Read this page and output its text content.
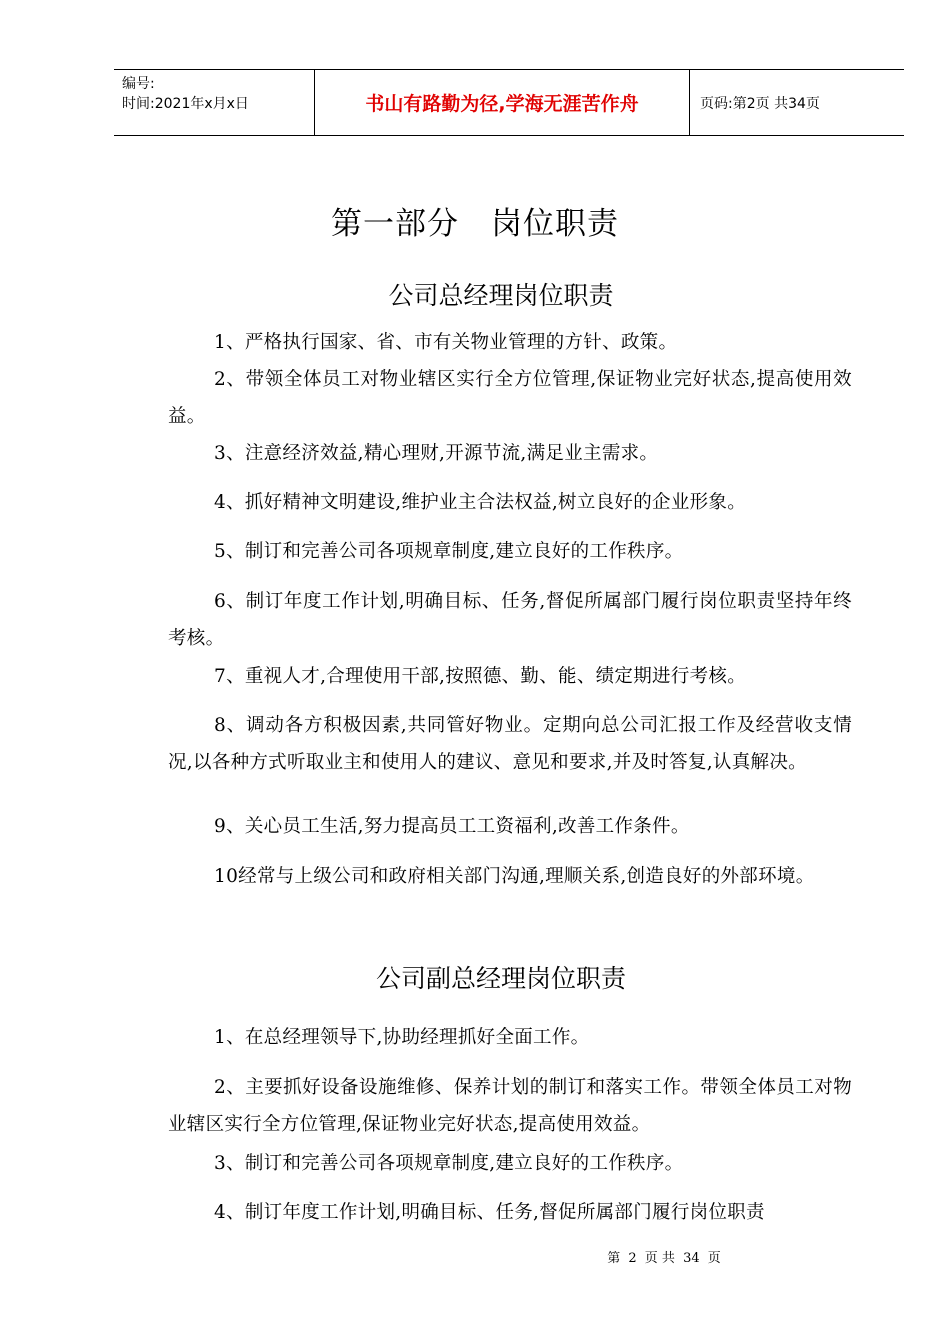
编号:
时间:2021年x月x日	书山有路勤为径,学海无涯苦作舟	页码:第2页 共34页
第一部分 岗位职责
公司总经理岗位职责
1、严格执行国家、省、市有关物业管理的方针、政策。
2、带领全体员工对物业辖区实行全方位管理,保证物业完好状态,提高使用效益。
3、注意经济效益,精心理财,开源节流,满足业主需求。
4、抓好精神文明建设,维护业主合法权益,树立良好的企业形象。
5、制订和完善公司各项规章制度,建立良好的工作秩序。
6、制订年度工作计划,明确目标、任务,督促所属部门履行岗位职责坚持年终考核。
7、重视人才,合理使用干部,按照德、勤、能、绩定期进行考核。
8、调动各方积极因素,共同管好物业。定期向总公司汇报工作及经营收支情况,以各种方式听取业主和使用人的建议、意见和要求,并及时答复,认真解决。
9、关心员工生活,努力提高员工工资福利,改善工作条件。
10经常与上级公司和政府相关部门沟通,理顺关系,创造良好的外部环境。
公司副总经理岗位职责
1、在总经理领导下,协助经理抓好全面工作。
2、主要抓好设备设施维修、保养计划的制订和落实工作。带领全体员工对物业辖区实行全方位管理,保证物业完好状态,提高使用效益。
3、制订和完善公司各项规章制度,建立良好的工作秩序。
4、制订年度工作计划,明确目标、任务,督促所属部门履行岗位职责
第 2 页 共 34 页
